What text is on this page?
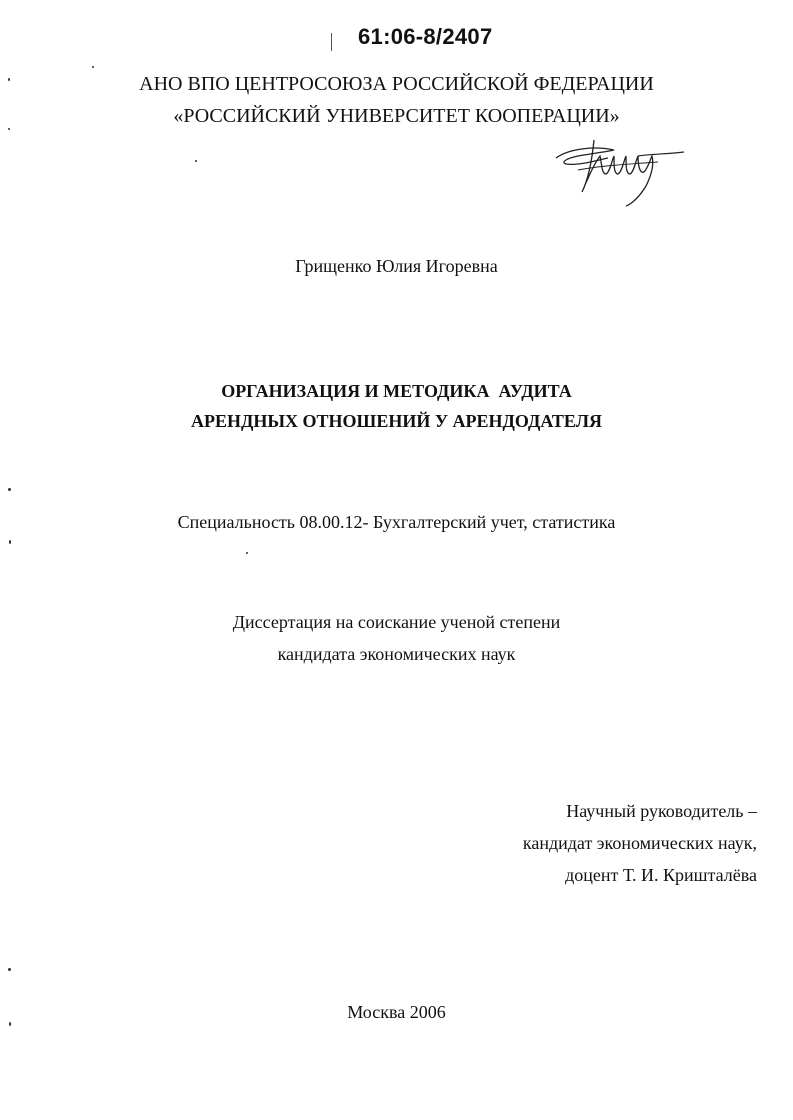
61:06-8/2407
АНО ВПО ЦЕНТРОСОЮЗА РОССИЙСКОЙ ФЕДЕРАЦИИ
«РОССИЙСКИЙ УНИВЕРСИТЕТ КООПЕРАЦИИ»
Грищенко Юлия Игоревна
ОРГАНИЗАЦИЯ И МЕТОДИКА  АУДИТА
АРЕНДНЫХ ОТНОШЕНИЙ У АРЕНДОДАТЕЛЯ
Специальность 08.00.12- Бухгалтерский учет, статистика
Диссертация на соискание ученой степени
кандидата экономических наук
Научный руководитель –
кандидат экономических наук,
доцент Т. И. Кришталёва
Москва 2006
